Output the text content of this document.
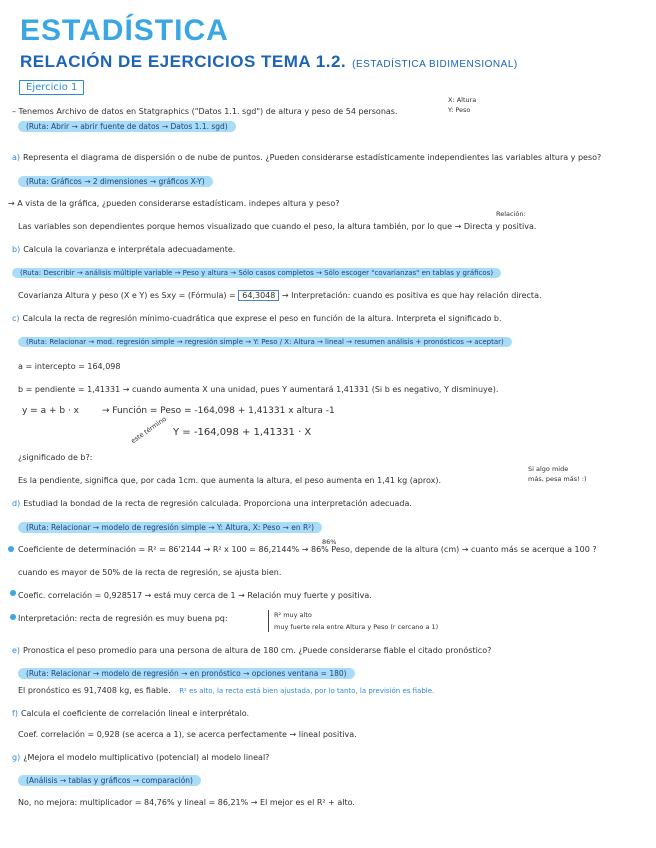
ESTADÍSTICA
RELACIÓN DE EJERCICIOS TEMA 1.2. (ESTADÍSTICA BIDIMENSIONAL)
Ejercicio 1
– Tenemos Archivo de datos en Statgraphics ("Datos 1.1. sgd") de altura y peso de 54 personas.
X: Altura
Y: Peso
(Ruta: Abrir → abrir fuente de datos → Datos 1.1. sgd)
a) Representa el diagrama de dispersión o de nube de puntos. ¿Pueden considerarse estadísticamente independientes las variables altura y peso?
(Ruta: Gráficos → 2 dimensiones → gráficos X-Y)
→ A vista de la gráfica, ¿pueden considerarse estadísticam. indepes altura y peso?
Relación:
Las variables son dependientes porque hemos visualizado que cuando el peso, la altura también, por lo que → Directa y positiva.
b) Calcula la covarianza e interprétala adecuadamente.
(Ruta: Describir → análisis múltiple variable → Peso y altura → Sólo casos completos → Sólo escoger "covarianzas" en tablas y gráficos)
Covarianza Altura y peso (X e Y) es Sxy = (Fórmula) = 64,3048 → Interpretación: cuando es positiva es que hay relación directa.
c) Calcula la recta de regresión mínimo-cuadrática que exprese el peso en función de la altura. Interpreta el significado b.
(Ruta: Relacionar → mod. regresión simple → regresión simple → Y: Peso / X: Altura → lineal → resumen análisis + pronósticos → aceptar)
a = intercepto = 164,098
b = pendiente = 1,41331 → cuando aumenta X una unidad, pues Y aumentará 1,41331 (Si b es negativo, Y disminuye).
y = a + b · x	→ Función = Peso = -164,098 + 1,41331 x altura -1
este término Y = -164,098 + 1,41331 · X
¿significado de b?:
Es la pendiente, significa que, por cada 1cm. que aumenta la altura, el peso aumenta en 1,41 kg (aprox).
Si algo mide
más, pesa más! :)
d) Estudiad la bondad de la recta de regresión calculada. Proporciona una interpretación adecuada.
(Ruta: Relacionar → modelo de regresión simple → Y: Altura, X: Peso → en R²)
Coeficiente de determinación = R² = 86'2144 → R² x 100 = 86,2144% → 86% Peso, depende de la altura (cm) → cuanto más se acerque a 100 ?
86%
cuando es mayor de 50% de la recta de regresión, se ajusta bien.
Coefic. correlación = 0,928517 → está muy cerca de 1 → Relación muy fuerte y positiva.
Interpretación: recta de regresión es muy buena pq:	R² muy alto
muy fuerte rela entre Altura y Peso (r cercano a 1)
e) Pronostica el peso promedio para una persona de altura de 180 cm. ¿Puede considerarse fiable el citado pronóstico?
(Ruta: Relacionar → modelo de regresión → en pronóstico → opciones ventana = 180)
El pronóstico es 91,7408 kg, es fiable. R² es alto, la recta está bien ajustada, por lo tanto, la previsión es fiable.
f) Calcula el coeficiente de correlación lineal e interprétalo.
Coef. correlación = 0,928 (se acerca a 1), se acerca perfectamente → lineal positiva.
g) ¿Mejora el modelo multiplicativo (potencial) al modelo lineal?
(Análisis → tablas y gráficos → comparación)
No, no mejora: multiplicador = 84,76% y lineal = 86,21% → El mejor es el R² + alto.
